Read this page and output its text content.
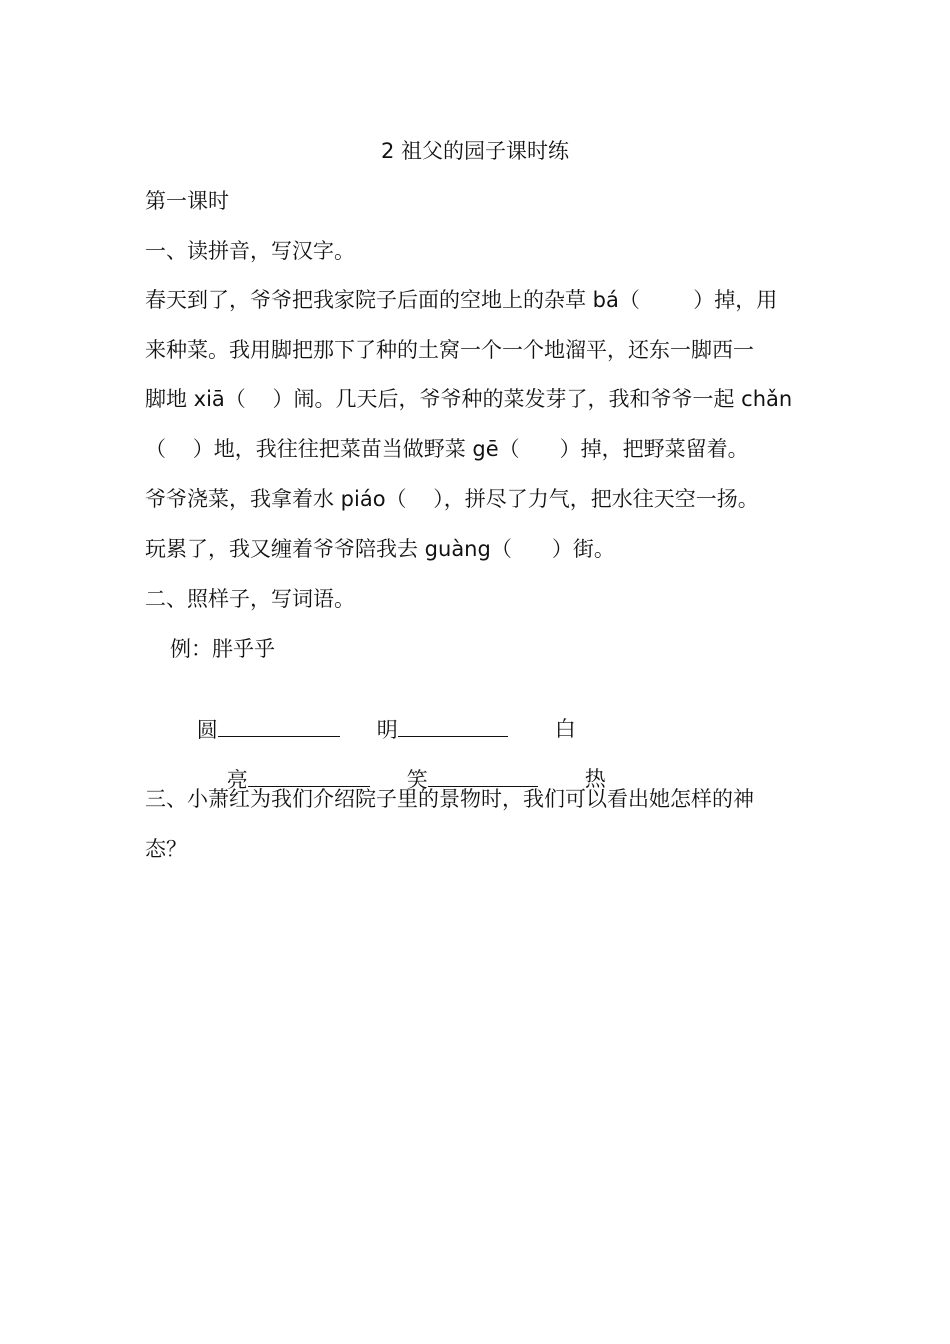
2 祖父的园子课时练
第一课时
一、读拼音，写汉字。
春天到了，爷爷把我家院子后面的空地上的杂草 bá（        ）掉，用
来种菜。我用脚把那下了种的土窝一个一个地溜平，还东一脚西一
脚地 xiā（    ）闹。几天后，爷爷种的菜发芽了，我和爷爷一起 chǎn
（    ）地，我往往把菜苗当做野菜 gē（      ）掉，把野菜留着。
爷爷浇菜，我拿着水 piáo（    ），拼尽了力气，把水往天空一扬。
玩累了，我又缠着爷爷陪我去 guàng（      ）街。
二、照样子，写词语。
例：胖乎乎

圆
	明
	白

亮
	笑
	热

三、小萧红为我们介绍院子里的景物时，我们可以看出她怎样的神
态？
